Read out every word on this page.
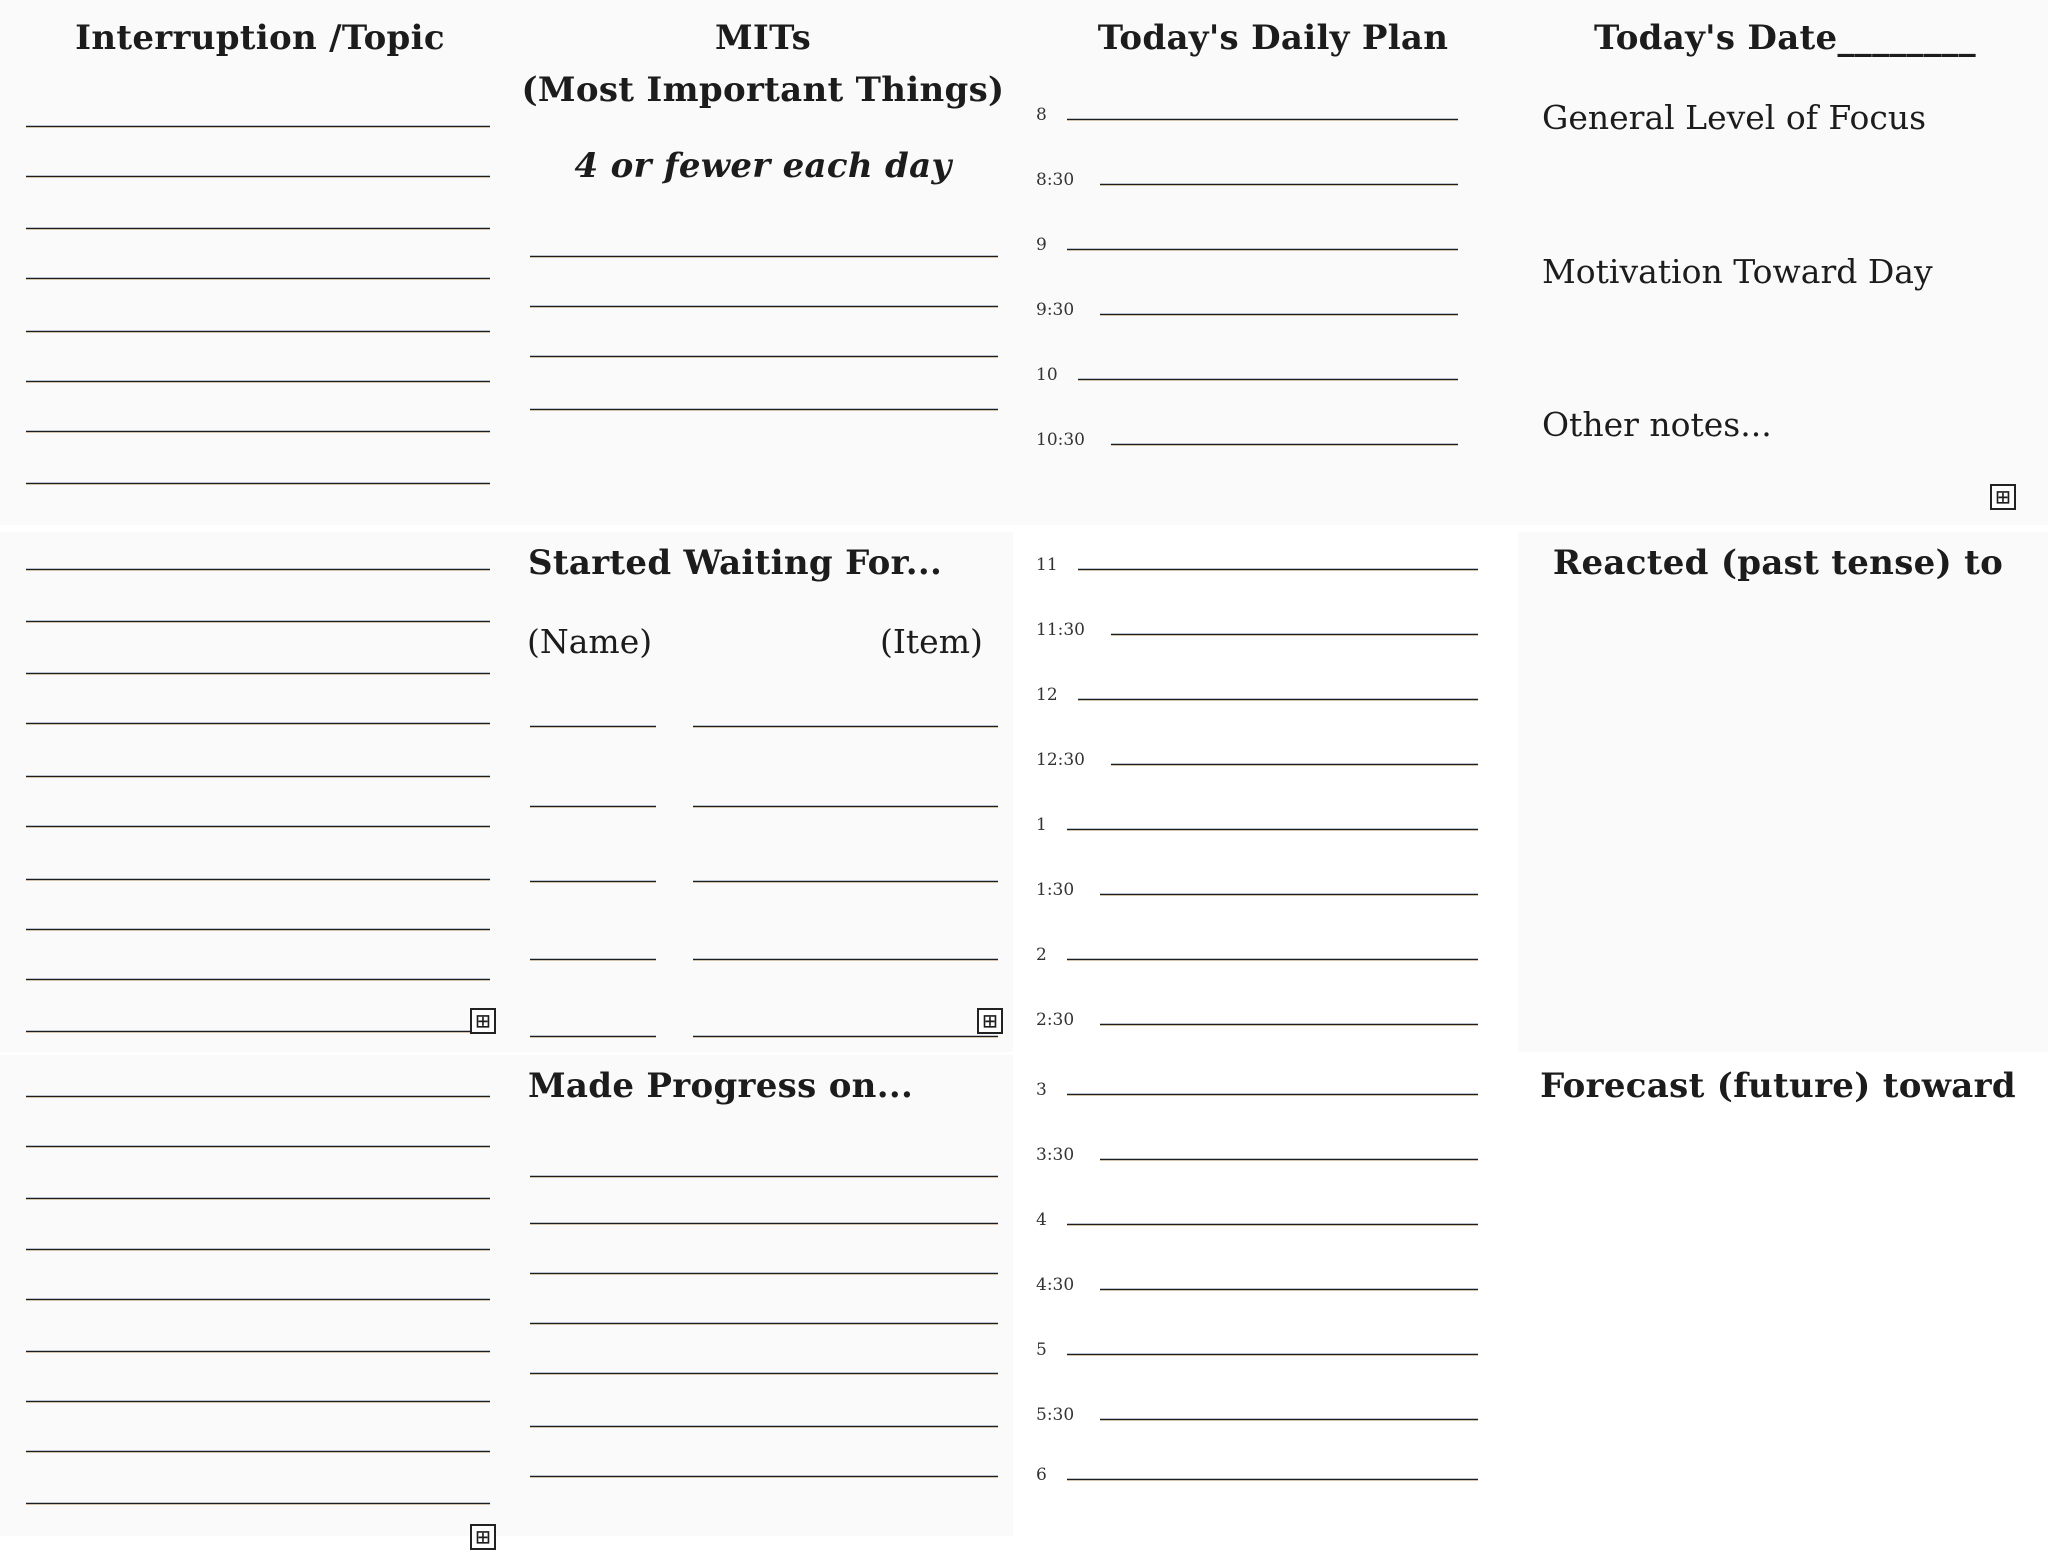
Interruption /Topic
⊞
⊞
MITs
(Most Important Things)
4 or fewer each day
Started Waiting For...
(Name)	(Item)
⊞
Made Progress on...
Today's Daily Plan
8
8:30
9
9:30
10
10:30
11
11:30
12
12:30
1
1:30
2
2:30
3
3:30
4
4:30
5
5:30
6
Today's Date________
General Level of Focus
Motivation Toward Day
Other notes...
⊞
Reacted (past tense) to
Forecast (future) toward
